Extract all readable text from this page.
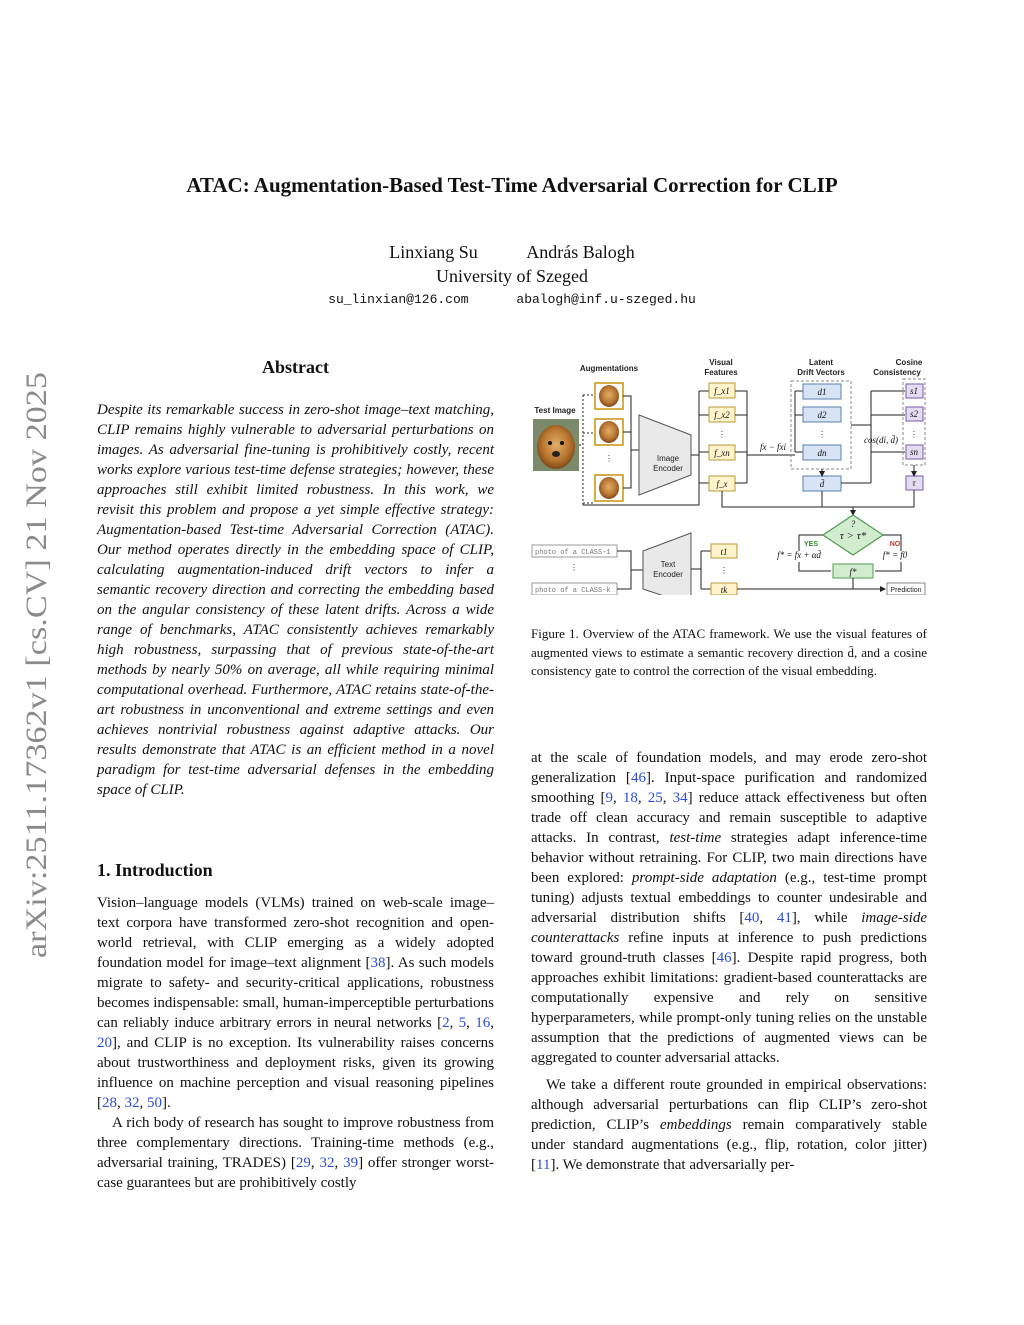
arXiv:2511.17362v1 [cs.CV] 21 Nov 2025
ATAC: Augmentation-Based Test-Time Adversarial Correction for CLIP
Linxiang Su	András Balogh
University of Szeged
su_linxian@126.com	abalogh@inf.u-szeged.hu
Abstract
Despite its remarkable success in zero-shot image–text matching, CLIP remains highly vulnerable to adversarial perturbations on images. As adversarial fine-tuning is prohibitively costly, recent works explore various test-time defense strategies; however, these approaches still exhibit limited robustness. In this work, we revisit this problem and propose a yet simple effective strategy: Augmentation-based Test-time Adversarial Correction (ATAC). Our method operates directly in the embedding space of CLIP, calculating augmentation-induced drift vectors to infer a semantic recovery direction and correcting the embedding based on the angular consistency of these latent drifts. Across a wide range of benchmarks, ATAC consistently achieves remarkably high robustness, surpassing that of previous state-of-the-art methods by nearly 50% on average, all while requiring minimal computational overhead. Furthermore, ATAC retains state-of-the-art robustness in unconventional and extreme settings and even achieves nontrivial robustness against adaptive attacks. Our results demonstrate that ATAC is an efficient method in a novel paradigm for test-time adversarial defenses in the embedding space of CLIP.
1. Introduction

Vision–language models (VLMs) trained on web-scale image–text corpora have transformed zero-shot recognition and open-world retrieval, with CLIP emerging as a widely adopted foundation model for image–text alignment [38]. As such models migrate to safety- and security-critical applications, robustness becomes indispensable: small, human-imperceptible perturbations can reliably induce arbitrary errors in neural networks [2, 5, 16, 20], and CLIP is no exception. Its vulnerability raises concerns about trustworthiness and deployment risks, given its growing influence on machine perception and visual reasoning pipelines [28, 32, 50].

A rich body of research has sought to improve robustness from three complementary directions. Training-time methods (e.g., adversarial training, TRADES) [29, 32, 39] offer stronger worst-case guarantees but are prohibitively costly

at the scale of foundation models, and may erode zero-shot generalization [46]. Input-space purification and randomized smoothing [9, 18, 25, 34] reduce attack effectiveness but often trade off clean accuracy and remain susceptible to adaptive attacks. In contrast, test-time strategies adapt inference-time behavior without retraining. For CLIP, two main directions have been explored: prompt-side adaptation (e.g., test-time prompt tuning) adjusts textual embeddings to counter undesirable and adversarial distribution shifts [40, 41], while image-side counterattacks refine inputs at inference to push predictions toward ground-truth classes [46]. Despite rapid progress, both approaches exhibit limitations: gradient-based counterattacks are computationally expensive and rely on sensitive hyperparameters, while prompt-only tuning relies on the unstable assumption that the predictions of augmented views can be aggregated to counter adversarial attacks.

We take a different route grounded in empirical observations: although adversarial perturbations can flip CLIP’s zero-shot prediction, CLIP’s embeddings remain comparatively stable under standard augmentations (e.g., flip, rotation, color jitter) [11]. We demonstrate that adversarially per-

Augmentations
Visual
Features
Latent
Drift Vectors
Cosine
Consistency
Test Image
⋮	Image
Encoder
f_x1
f_x2
⋮
f_xn
f_x
fx − fxi
d1
d2
⋮
dn
d̄
cos(di, d̄)
s1
s2
⋮
sn
τ
?
τ > τ*
YES	NO
f* = fx + αd̄	f* = f0
f*
photo of a CLASS-1
⋮
photo of a CLASS-k
Text
Encoder
t1
⋮
tk	Prediction
Figure 1. Overview of the ATAC framework. We use the visual features of augmented views to estimate a semantic recovery direction d̄, and a cosine consistency gate to control the correction of the visual embedding.
